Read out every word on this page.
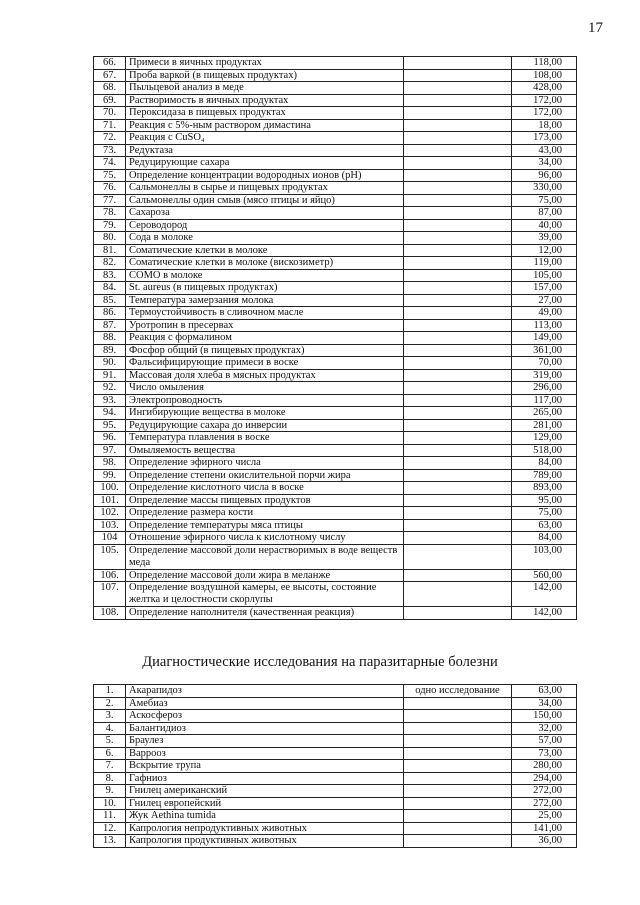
17
66.	Примеси в яичных продуктах		118,00
67.	Проба варкой (в пищевых продуктах)		108,00
68.	Пыльцевой анализ в меде		428,00
69.	Растворимость в яичных продуктах		172,00
70.	Пероксидаза в пищевых продуктах		172,00
71.	Реакция с 5%-ным раствором димастина		18,00
72.	Реакция с CuSO₄		173,00
73.	Редуктаза		43,00
74.	Редуцирующие сахара		34,00
75.	Определение концентрации водородных ионов (pH)		96,00
76.	Сальмонеллы в сырье и пищевых продуктах		330,00
77.	Сальмонеллы один смыв (мясо птицы и яйцо)		75,00
78.	Сахароза		87,00
79.	Сероводород		40,00
80.	Сода в молоке		39,00
81.	Соматические клетки в молоке		12,00
82.	Соматические клетки в молоке (вискозиметр)		119,00
83.	СОМО в молоке		105,00
84.	St. aureus (в пищевых продуктах)		157,00
85.	Температура замерзания молока		27,00
86.	Термоустойчивость в сливочном масле		49,00
87.	Уротропин в пресервах		113,00
88.	Реакция с формалином		149,00
89.	Фосфор общий (в пищевых продуктах)		361,00
90.	Фальсифицирующие примеси в воске		70,00
91.	Массовая доля хлеба в мясных продуктах		319,00
92.	Число омыления		296,00
93.	Электропроводность		117,00
94.	Ингибирующие вещества в молоке		265,00
95.	Редуцирующие сахара до инверсии		281,00
96.	Температура плавления в воске		129,00
97.	Омыляемость вещества		518,00
98.	Определение эфирного числа		84,00
99.	Определение степени окислительной порчи жира		789,00
100.	Определение кислотного числа в воске		893,00
101.	Определение массы пищевых продуктов		95,00
102.	Определение размера кости		75,00
103.	Определение температуры мяса птицы		63,00
104	Отношение эфирного числа к кислотному числу		84,00
105.	Определение массовой доли нерастворимых в воде веществ меда		103,00
106.	Определение массовой доли жира в меланже		560,00
107.	Определение воздушной камеры, ее высоты, состояние желтка и целостности скорлупы		142,00
108.	Определение наполнителя (качественная реакция)		142,00
Диагностические исследования на паразитарные болезни
1.	Акарапидоз	одно исследование	63,00
2.	Амебиаз		34,00
3.	Аскосфероз		150,00
4.	Балантидиоз		32,00
5.	Браулез		57,00
6.	Варроoз		73,00
7.	Вскрытие трупа		280,00
8.	Гафниоз		294,00
9.	Гнилец американский		272,00
10.	Гнилец европейский		272,00
11.	Жук Aethina tumida		25,00
12.	Капрология непродуктивных животных		141,00
13.	Капрология продуктивных животных		36,00
